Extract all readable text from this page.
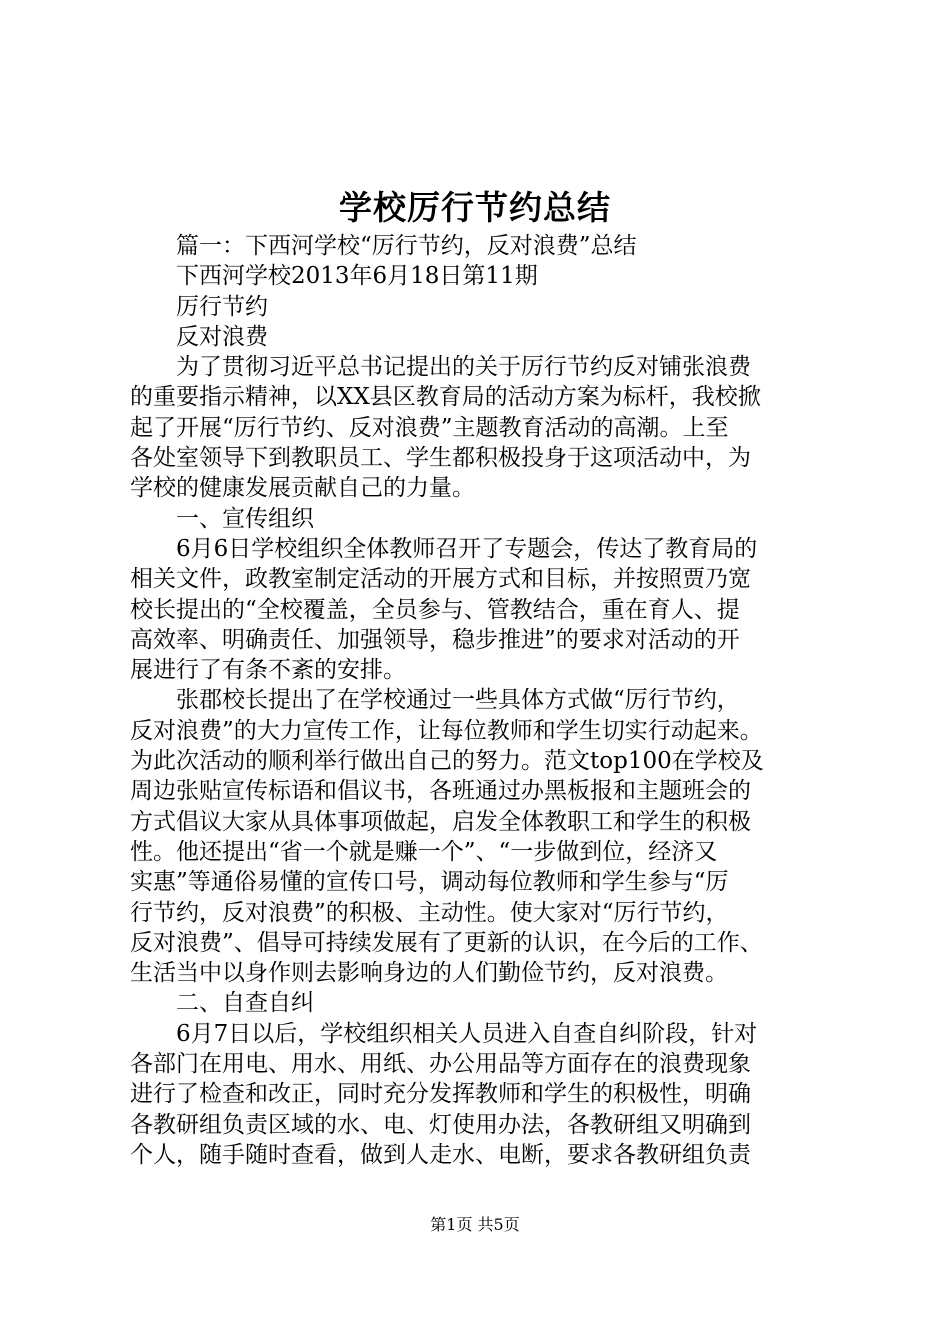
学校厉行节约总结
篇一：下西河学校“厉行节约，反对浪费”总结
下西河学校2013年6月18日第11期
厉行节约
反对浪费
为了贯彻习近平总书记提出的关于厉行节约反对铺张浪费
的重要指示精神，以XX县区教育局的活动方案为标杆，我校掀
起了开展“厉行节约、反对浪费”主题教育活动的高潮。上至
各处室领导下到教职员工、学生都积极投身于这项活动中，为
学校的健康发展贡献自己的力量。
一、宣传组织
6月6日学校组织全体教师召开了专题会，传达了教育局的
相关文件，政教室制定活动的开展方式和目标，并按照贾乃宽
校长提出的“全校覆盖，全员参与、管教结合，重在育人、提
高效率、明确责任、加强领导，稳步推进”的要求对活动的开
展进行了有条不紊的安排。
张郡校长提出了在学校通过一些具体方式做“厉行节约，
反对浪费”的大力宣传工作，让每位教师和学生切实行动起来。
为此次活动的顺利举行做出自己的努力。范文top100在学校及
周边张贴宣传标语和倡议书，各班通过办黑板报和主题班会的
方式倡议大家从具体事项做起，启发全体教职工和学生的积极
性。他还提出“省一个就是赚一个”、“一步做到位，经济又
实惠”等通俗易懂的宣传口号，调动每位教师和学生参与“厉
行节约，反对浪费”的积极、主动性。使大家对“厉行节约，
反对浪费”、倡导可持续发展有了更新的认识，在今后的工作、
生活当中以身作则去影响身边的人们勤俭节约，反对浪费。
二、自查自纠
6月7日以后，学校组织相关人员进入自查自纠阶段，针对
各部门在用电、用水、用纸、办公用品等方面存在的浪费现象
进行了检查和改正，同时充分发挥教师和学生的积极性，明确
各教研组负责区域的水、电、灯使用办法，各教研组又明确到
个人，随手随时查看，做到人走水、电断，要求各教研组负责
第1页 共5页
